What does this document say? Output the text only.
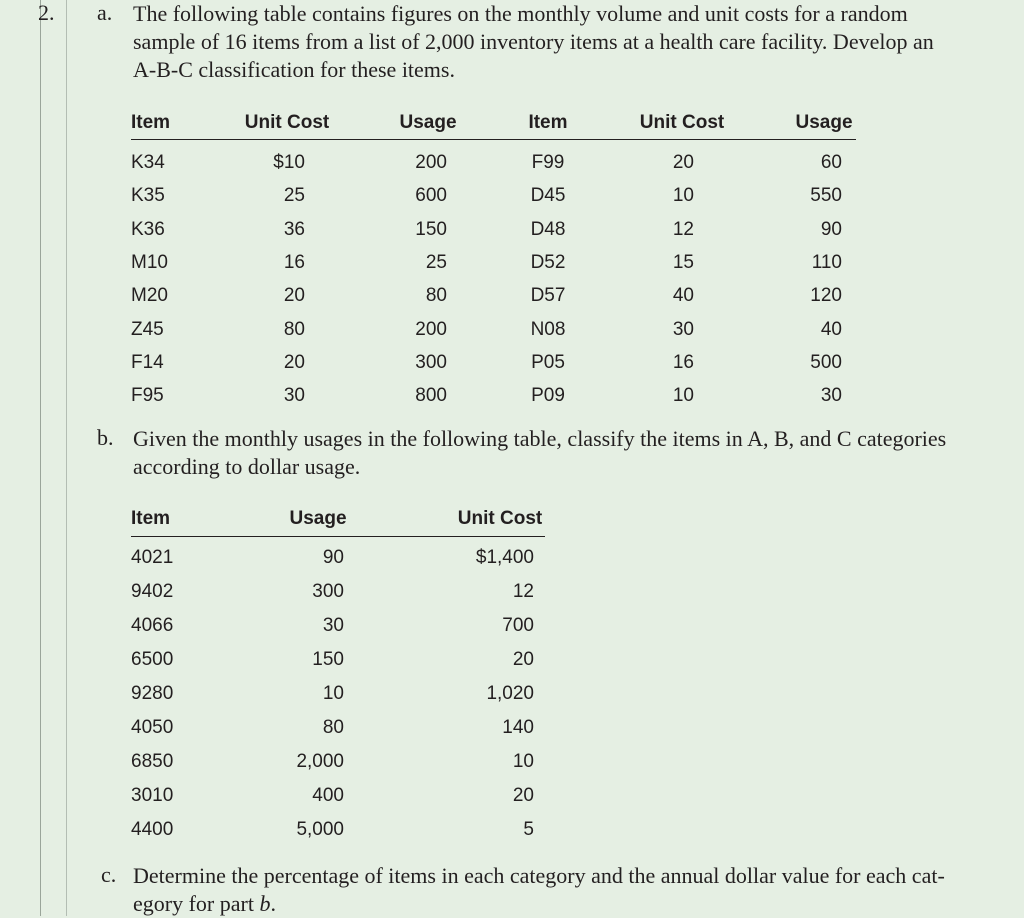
2. a. The following table contains figures on the monthly volume and unit costs for a random
sample of 16 items from a list of 2,000 inventory items at a health care facility. Develop an
A-B-C classification for these items.
Item	Unit Cost	Usage	Item	Unit Cost	Usage
K34	$10	200	F99	20	60
K35	25	600	D45	10	550
K36	36	150	D48	12	90
M10	16	25	D52	15	110
M20	20	80	D57	40	120
Z45	80	200	N08	30	40
F14	20	300	P05	16	500
F95	30	800	P09	10	30
b. Given the monthly usages in the following table, classify the items in A, B, and C categories
according to dollar usage.
Item	Usage	Unit Cost
4021	90	$1,400
9402	300	12
4066	30	700
6500	150	20
9280	10	1,020
4050	80	140
6850	2,000	10
3010	400	20
4400	5,000	5
c. Determine the percentage of items in each category and the annual dollar value for each cat-
egory for part b.
